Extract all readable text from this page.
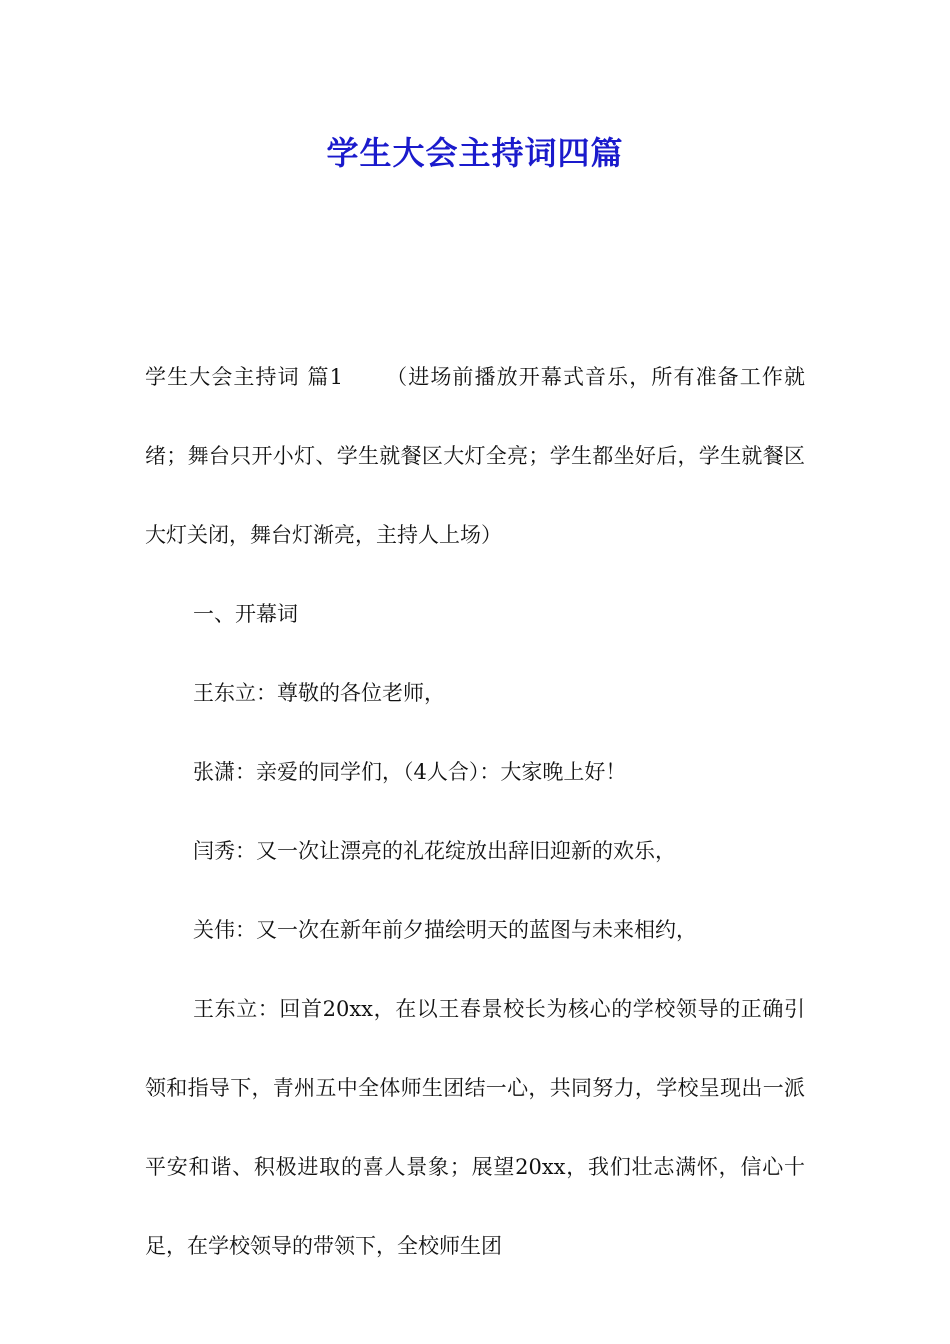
学生大会主持词四篇

学生大会主持词 篇1 （进场前播放开幕式音乐，所有准备工作就绪；舞台只开小灯、学生就餐区大灯全亮；学生都坐好后，学生就餐区大灯关闭，舞台灯渐亮，主持人上场）

一、开幕词

王东立：尊敬的各位老师，

张潇：亲爱的同学们，（4人合）：大家晚上好！

闫秀：又一次让漂亮的礼花绽放出辞旧迎新的欢乐，

关伟：又一次在新年前夕描绘明天的蓝图与未来相约，

王东立：回首20xx，在以王春景校长为核心的学校领导的正确引领和指导下，青州五中全体师生团结一心，共同努力，学校呈现出一派平安和谐、积极进取的喜人景象；展望20xx，我们壮志满怀，信心十足，在学校领导的带领下，全校师生团
